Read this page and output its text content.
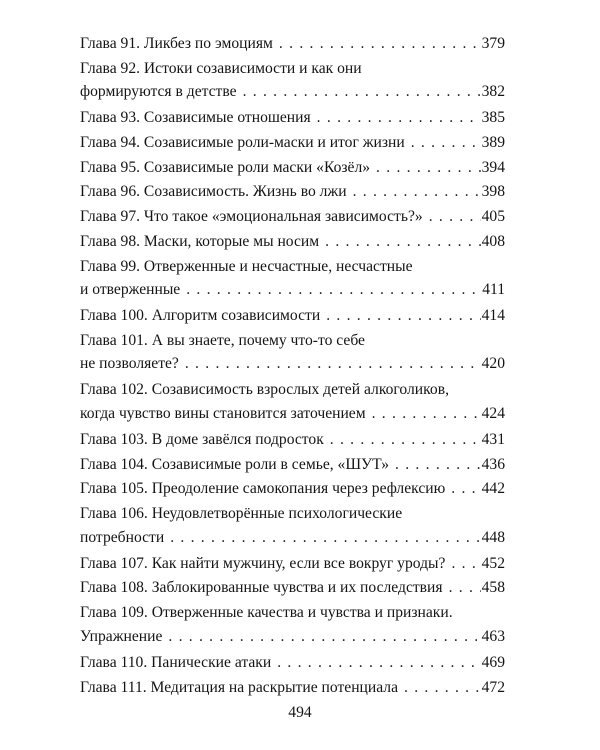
Глава 91. Ликбез по эмоциям . . .	379
Глава 92. Истоки созависимости и как они
формируются в детстве . . .	382
Глава 93. Созависимые отношения . . .	385
Глава 94. Созависимые роли-маски и итог жизни . . .	389
Глава 95. Созависимые роли маски «Козёл» . . .	394
Глава 96. Созависимость. Жизнь во лжи . . .	398
Глава 97. Что такое «эмоциональная зависимость?» . . .	405
Глава 98. Маски, которые мы носим . . .	408
Глава 99. Отверженные и несчастные, несчастные
и отверженные . . .	411
Глава 100. Алгоритм созависимости . . .	414
Глава 101. А вы знаете, почему что-то себе
не позволяете? . . .	420
Глава 102. Созависимость взрослых детей алкоголиков,
когда чувство вины становится заточением . . .	424
Глава 103. В доме завёлся подросток . . .	431
Глава 104. Созависимые роли в семье, «ШУТ» . . .	436
Глава 105. Преодоление самокопания через рефлексию . . . 442
Глава 106. Неудовлетворённые психологические
потребности . . .	448
Глава 107. Как найти мужчину, если все вокруг уроды? . . . 452
Глава 108. Заблокированные чувства и их последствия . . .	458
Глава 109. Отверженные качества и чувства и признаки.
Упражнение . . .	463
Глава 110. Панические атаки . . .	469
Глава 111. Медитация на раскрытие потенциала . . .	472
494
